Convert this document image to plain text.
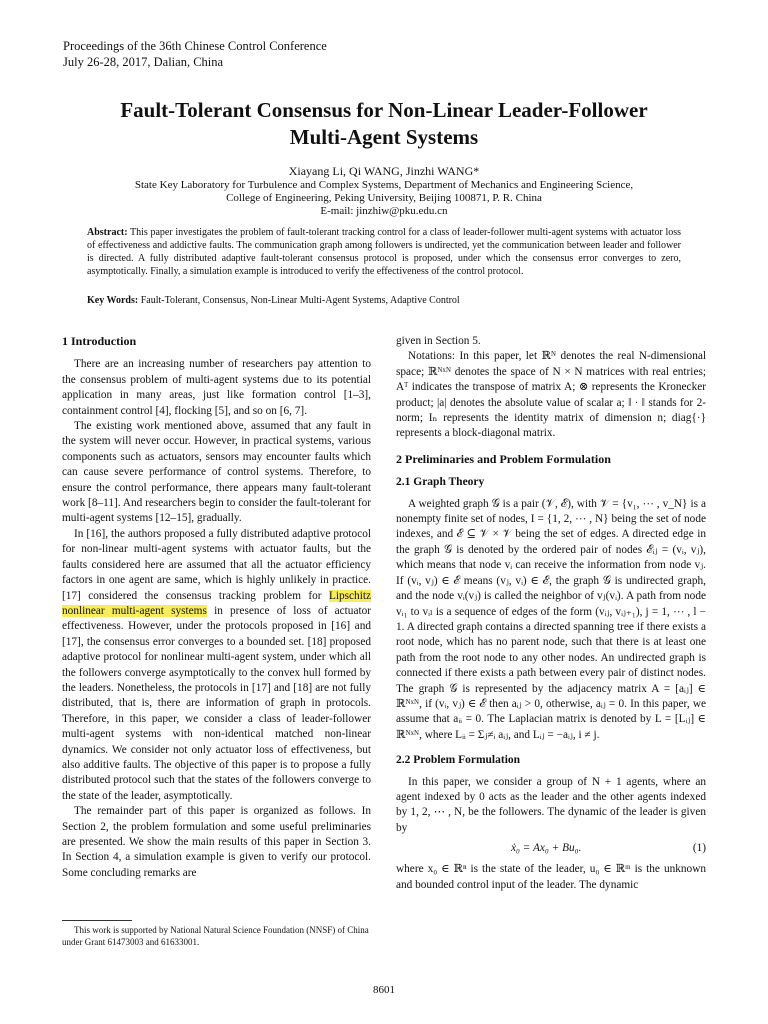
Proceedings of the 36th Chinese Control Conference
July 26-28, 2017, Dalian, China
Fault-Tolerant Consensus for Non-Linear Leader-Follower
Multi-Agent Systems
Xiayang Li, Qi WANG, Jinzhi WANG*
State Key Laboratory for Turbulence and Complex Systems, Department of Mechanics and Engineering Science,
College of Engineering, Peking University, Beijing 100871, P. R. China
E-mail: jinzhiw@pku.edu.cn
Abstract: This paper investigates the problem of fault-tolerant tracking control for a class of leader-follower multi-agent systems with actuator loss of effectiveness and addictive faults. The communication graph among followers is undirected, yet the communication between leader and follower is directed. A fully distributed adaptive fault-tolerant consensus protocol is proposed, under which the consensus error converges to zero, asymptotically. Finally, a simulation example is introduced to verify the effectiveness of the control protocol.
Key Words: Fault-Tolerant, Consensus, Non-Linear Multi-Agent Systems, Adaptive Control
1 Introduction

There are an increasing number of researchers pay attention to the consensus problem of multi-agent systems due to its potential application in many areas, just like formation control [1–3], containment control [4], flocking [5], and so on [6, 7].

The existing work mentioned above, assumed that any fault in the system will never occur. However, in practical systems, various components such as actuators, sensors may encounter faults which can cause severe performance of control systems. Therefore, to ensure the control performance, there appears many fault-tolerant work [8–11]. And researchers begin to consider the fault-tolerant for multi-agent systems [12–15], gradually.

In [16], the authors proposed a fully distributed adaptive protocol for non-linear multi-agent systems with actuator faults, but the faults considered here are assumed that all the actuator efficiency factors in one agent are same, which is highly unlikely in practice. [17] considered the consensus tracking problem for Lipschitz nonlinear multi-agent systems in presence of loss of actuator effectiveness. However, under the protocols proposed in [16] and [17], the consensus error converges to a bounded set. [18] proposed adaptive protocol for nonlinear multi-agent system, under which all the followers converge asymptotically to the convex hull formed by the leaders. Nonetheless, the protocols in [17] and [18] are not fully distributed, that is, there are information of graph in protocols. Therefore, in this paper, we consider a class of leader-follower multi-agent systems with non-identical matched non-linear dynamics. We consider not only actuator loss of effectiveness, but also additive faults. The objective of this paper is to propose a fully distributed protocol such that the states of the followers converge to the state of the leader, asymptotically.

The remainder part of this paper is organized as follows. In Section 2, the problem formulation and some useful preliminaries are presented. We show the main results of this paper in Section 3. In Section 4, a simulation example is given to verify our protocol. Some concluding remarks are

given in Section 5.

Notations: In this paper, let ℝᴺ denotes the real N-dimensional space; ℝᴺˣᴺ denotes the space of N × N matrices with real entries; Aᵀ indicates the transpose of matrix A; ⊗ represents the Kronecker product; |a| denotes the absolute value of scalar a; ‖ · ‖ stands for 2-norm; Iₙ represents the identity matrix of dimension n; diag{·} represents a block-diagonal matrix.

2 Preliminaries and Problem Formulation
2.1 Graph Theory

A weighted graph 𝒢 is a pair (𝒱, ℰ), with 𝒱 = {v₁, ⋯ , v_N} is a nonempty finite set of nodes, I = {1, 2, ⋯ , N} being the set of node indexes, and ℰ ⊆ 𝒱 × 𝒱 being the set of edges. A directed edge in the graph 𝒢 is denoted by the ordered pair of nodes ℰᵢⱼ = (vᵢ, vⱼ), which means that node vᵢ can receive the information from node vⱼ. If (vᵢ, vⱼ) ∈ ℰ means (vⱼ, vᵢ) ∈ ℰ, the graph 𝒢 is undirected graph, and the node vᵢ(vⱼ) is called the neighbor of vⱼ(vᵢ). A path from node vᵢ₁ to vᵢₗ is a sequence of edges of the form (vᵢⱼ, vᵢⱼ₊₁), j = 1, ⋯ , l − 1. A directed graph contains a directed spanning tree if there exists a root node, which has no parent node, such that there is at least one path from the root node to any other nodes. An undirected graph is connected if there exists a path between every pair of distinct nodes. The graph 𝒢 is represented by the adjacency matrix A = [aᵢⱼ] ∈ ℝᴺˣᴺ, if (vᵢ, vⱼ) ∈ ℰ then aᵢⱼ > 0, otherwise, aᵢⱼ = 0. In this paper, we assume that aᵢᵢ = 0. The Laplacian matrix is denoted by L = [Lᵢⱼ] ∈ ℝᴺˣᴺ, where Lᵢᵢ = Σⱼ≠ᵢ aᵢⱼ, and Lᵢⱼ = −aᵢⱼ, i ≠ j.

2.2 Problem Formulation

In this paper, we consider a group of N + 1 agents, where an agent indexed by 0 acts as the leader and the other agents indexed by 1, 2, ⋯ , N, be the followers. The dynamic of the leader is given by

ẋ₀ = Ax₀ + Bu₀.	(1)

where x₀ ∈ ℝⁿ is the state of the leader, u₀ ∈ ℝᵐ is the unknown and bounded control input of the leader. The dynamic

This work is supported by National Natural Science Foundation (NNSF) of China under Grant 61473003 and 61633001.
8601
